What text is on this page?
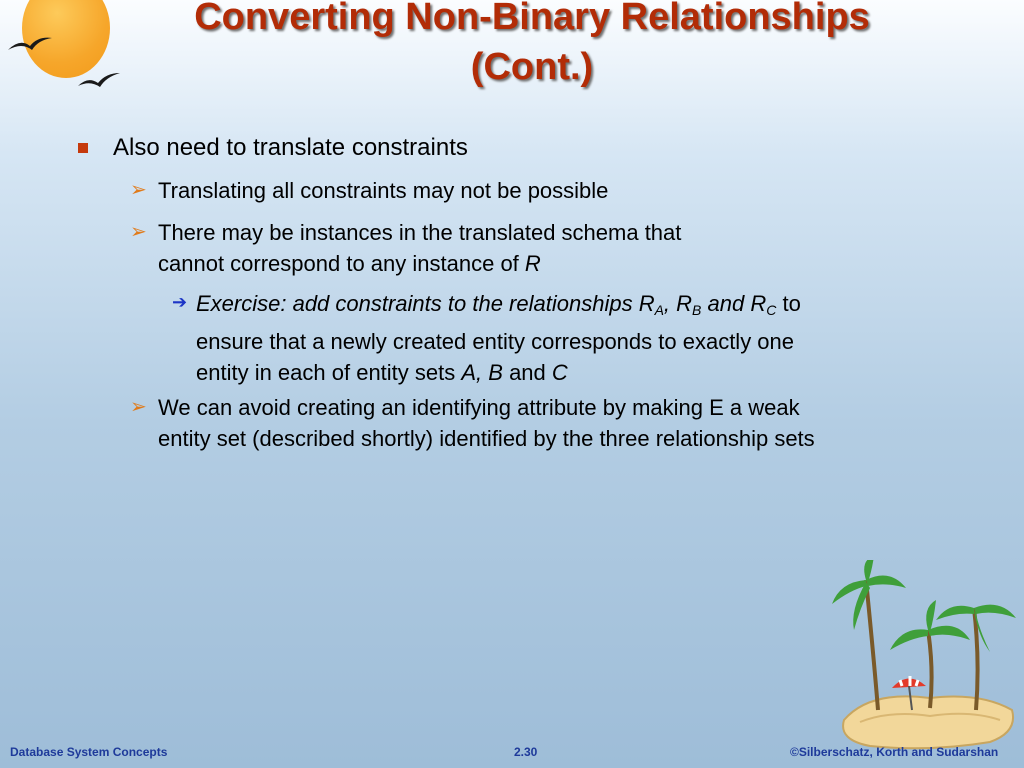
Converting Non-Binary Relationships
(Cont.)
Also need to translate constraints
➢ Translating all constraints may not be possible
➢ There may be instances in the translated schema that
cannot correspond to any instance of R
➔ Exercise: add constraints to the relationships $R_A$, $R_B$ and $R_C$ to
ensure that a newly created entity corresponds to exactly one
entity in each of entity sets A, B and C
➢ We can avoid creating an identifying attribute by making E a weak
entity set (described shortly) identified by the three relationship sets
Database System Concepts	2.30	©Silberschatz, Korth and Sudarshan
